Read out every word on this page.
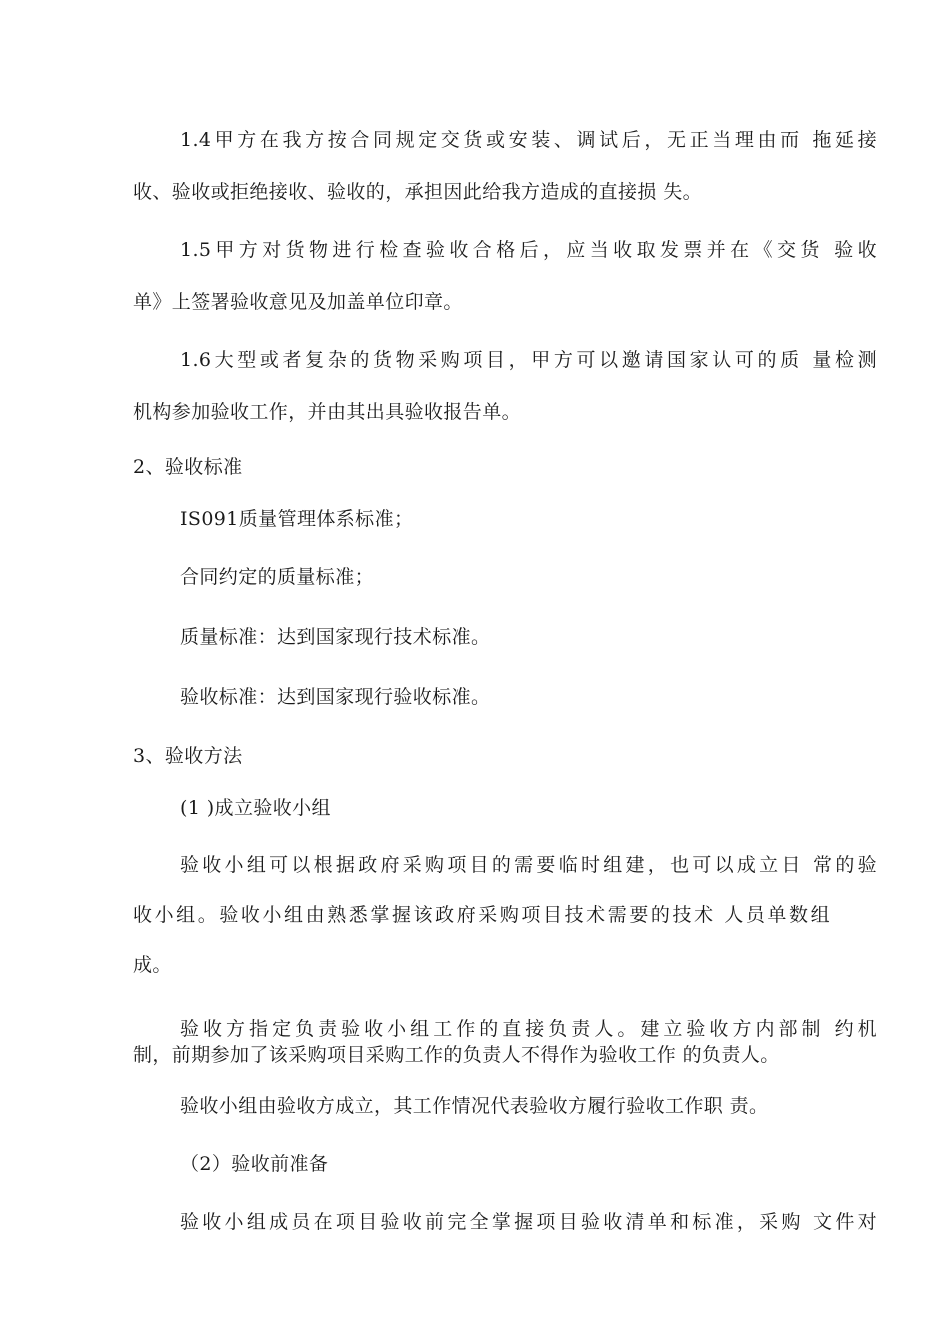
1.4甲方在我方按合同规定交货或安装、调试后，无正当理由而 拖延接

收、验收或拒绝接收、验收的，承担因此给我方造成的直接损 失。

1.5甲方对货物进行检查验收合格后，应当收取发票并在《交货 验收

单》上签署验收意见及加盖单位印章。

1.6大型或者复杂的货物采购项目，甲方可以邀请国家认可的质 量检测

机构参加验收工作，并由其出具验收报告单。

2、验收标准

IS091质量管理体系标准；

合同约定的质量标准；

质量标准：达到国家现行技术标准。

验收标准：达到国家现行验收标准。

3、验收方法

(1 )成立验收小组

验收小组可以根据政府采购项目的需要临时组建，也可以成立日 常的验

收小组。验收小组由熟悉掌握该政府采购项目技术需要的技术 人员单数组

成。

验收方指定负责验收小组工作的直接负责人。建立验收方内部制 约机

制，前期参加了该采购项目采购工作的负责人不得作为验收工作 的负责人。

验收小组由验收方成立，其工作情况代表验收方履行验收工作职 责。

（2）验收前准备

验收小组成员在项目验收前完全掌握项目验收清单和标准，采购 文件对
